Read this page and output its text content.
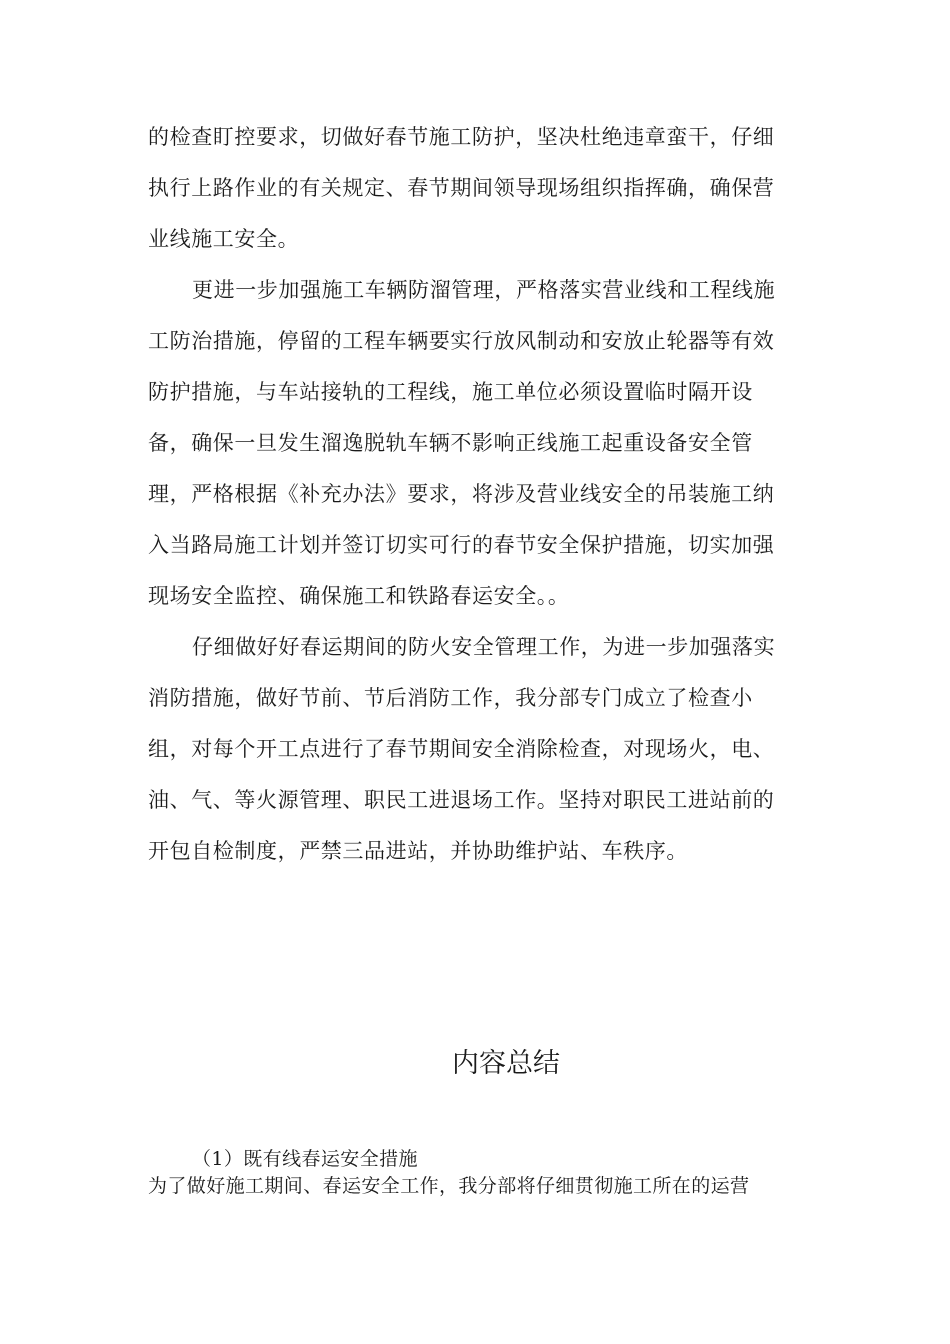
的检查盯控要求，切做好春节施工防护，坚决杜绝违章蛮干，仔细
执行上路作业的有关规定、春节期间领导现场组织指挥确，确保营
业线施工安全。

更进一步加强施工车辆防溜管理，严格落实营业线和工程线施
工防治措施，停留的工程车辆要实行放风制动和安放止轮器等有效
防护措施，与车站接轨的工程线，施工单位必须设置临时隔开设
备，确保一旦发生溜逸脱轨车辆不影响正线施工起重设备安全管
理，严格根据《补充办法》要求，将涉及营业线安全的吊装施工纳
入当路局施工计划并签订切实可行的春节安全保护措施，切实加强
现场安全监控、确保施工和铁路春运安全。。

仔细做好好春运期间的防火安全管理工作，为进一步加强落实
消防措施，做好节前、节后消防工作，我分部专门成立了检查小
组，对每个开工点进行了春节期间安全消除检查，对现场火，电、
油、气、等火源管理、职民工进退场工作。坚持对职民工进站前的
开包自检制度，严禁三品进站，并协助维护站、车秩序。

内容总结
（1）既有线春运安全措施
为了做好施工期间、春运安全工作，我分部将仔细贯彻施工所在的运营
